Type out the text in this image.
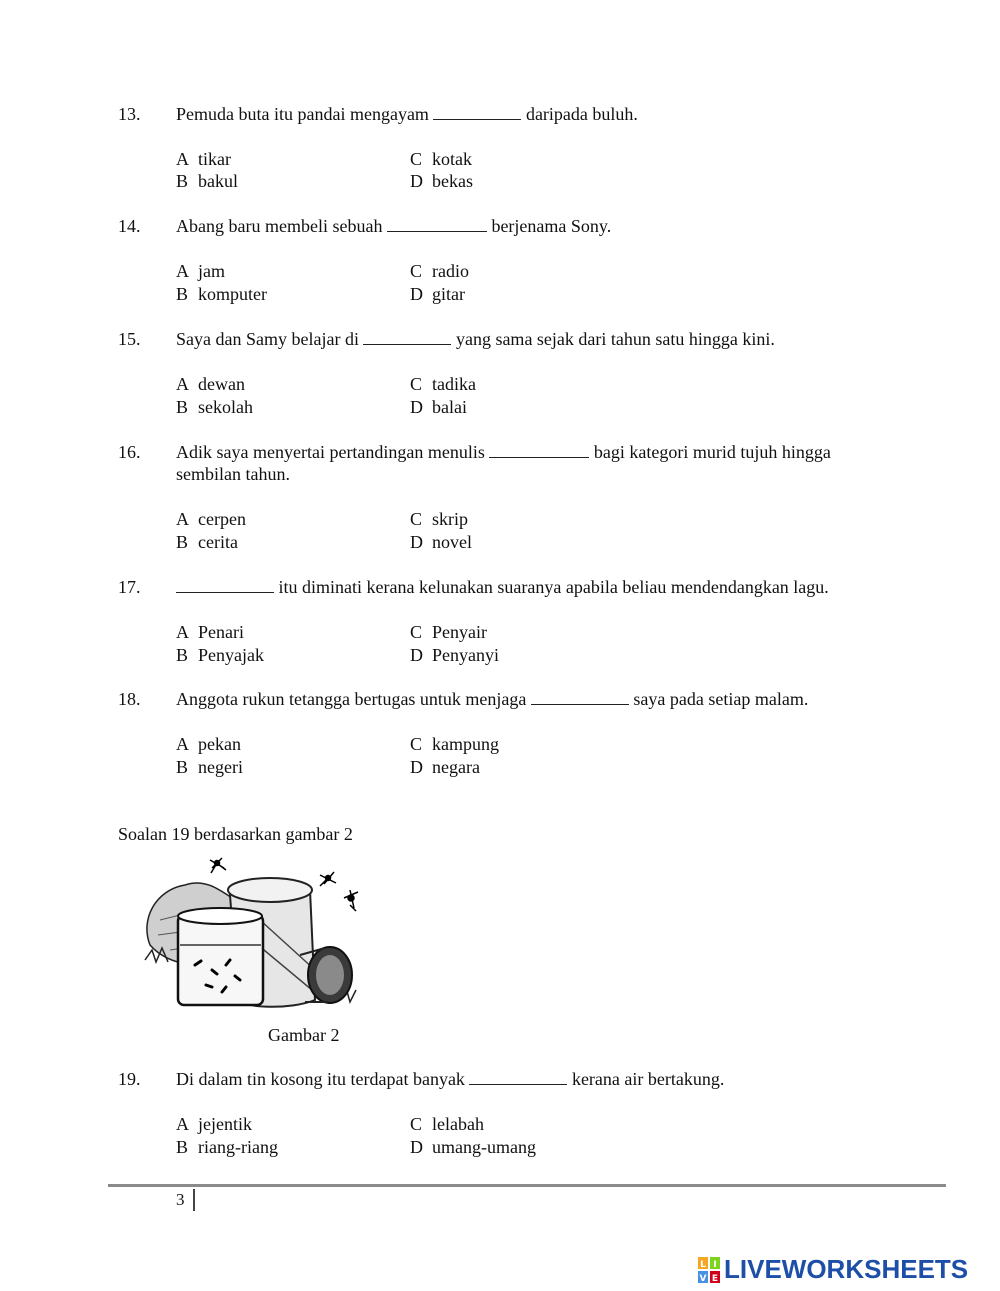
13. Pemuda buta itu pandai mengayam	daripada buluh.
A tikar	C kotak
B bakul	D bekas
14. Abang baru membeli sebuah	berjenama Sony.
A jam	C radio
B komputer	D gitar
15. Saya dan Samy belajar di	yang sama sejak dari tahun satu hingga kini.
A dewan	C tadika
B sekolah	D balai
16. Adik saya menyertai pertandingan menulis	bagi kategori murid tujuh hingga
sembilan tahun.
A cerpen	C skrip
B cerita	D novel
17.	itu diminati kerana kelunakan suaranya apabila beliau mendendangkan lagu.
A Penari	C Penyair
B Penyajak	D Penyanyi
18. Anggota rukun tetangga bertugas untuk menjaga	saya pada setiap malam.
A pekan	C kampung
B negeri	D negara
Soalan 19 berdasarkan gambar 2
Gambar 2
19. Di dalam tin kosong itu terdapat banyak	kerana air bertakung.
A jejentik	C lelabah
B riang-riang	D umang-umang
3
L I
V E LIVEWORKSHEETS
